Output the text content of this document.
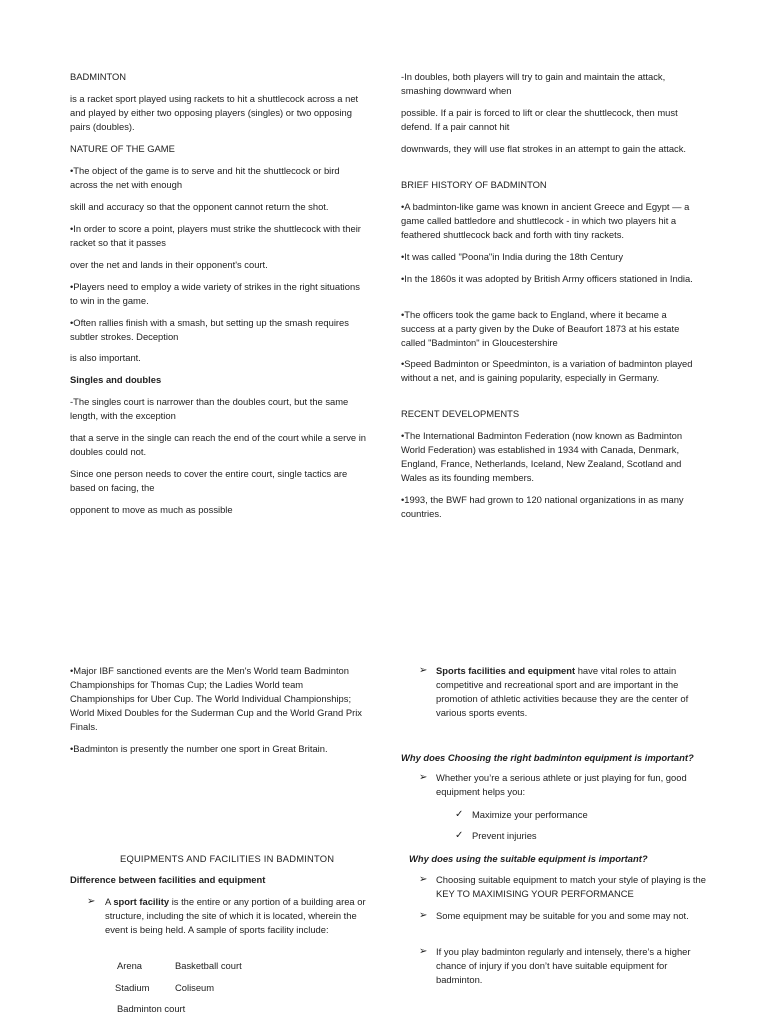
BADMINTON

is a racket sport played using rackets to hit a shuttlecock across a net and played by either two opposing players (singles) or two opposing pairs (doubles).

NATURE OF THE GAME

•The object of the game is to serve and hit the shuttlecock or bird across the net with enough

skill and accuracy so that the opponent cannot return the shot.

•In order to score a point, players must strike the shuttlecock with their racket so that it passes

over the net and lands in their opponent's court.

•Players need to employ a wide variety of strikes in the right situations to win in the game.

•Often rallies finish with a smash, but setting up the smash requires subtler strokes. Deception

is also important.

Singles and doubles

-The singles court is narrower than the doubles court, but the same length, with the exception

that a serve in the single can reach the end of the court while a serve in doubles could not.

Since one person needs to cover the entire court, single tactics are based on facing, the

opponent to move as much as possible

-In doubles, both players will try to gain and maintain the attack, smashing downward when

possible. If a pair is forced to lift or clear the shuttlecock, then must defend. If a pair cannot hit

downwards, they will use flat strokes in an attempt to gain the attack.

BRIEF HISTORY OF BADMINTON

•A badminton-like game was known in ancient Greece and Egypt — a game called battledore and shuttlecock - in which two players hit a feathered shuttlecock back and forth with tiny rackets.

•It was called "Poona"in India during the 18th Century

•In the 1860s it was adopted by British Army officers stationed in India.

•The officers took the game back to England, where it became a success at a party given by the Duke of Beaufort 1873 at his estate called "Badminton" in Gloucestershire

•Speed Badminton or Speedminton, is a variation of badminton played without a net, and is gaining popularity, especially in Germany.

RECENT DEVELOPMENTS

•The International Badminton Federation (now known as Badminton World Federation) was established in 1934 with Canada, Denmark, England, France, Netherlands, Iceland, New Zealand, Scotland and Wales as its founding members.

•1993, the BWF had grown to 120 national organizations in as many countries.

•Major IBF sanctioned events are the Men's World team Badminton Championships for Thomas Cup; the Ladies World team Championships for Uber Cup. The World Individual Championships; World Mixed Doubles for the Suderman Cup and the World Grand Prix Finals.

•Badminton is presently the number one sport in Great Britain.

EQUIPMENTS AND FACILITIES IN BADMINTON

Difference between facilities and equipment

➢ A sport facility is the entire or any portion of a building area or structure, including the site of which it is located, wherein the event is being held. A sample of sports facility include:

Arena	Basketball court

Stadium	Coliseum

Badminton court

➢ Sports facilities and equipment have vital roles to attain competitive and recreational sport and are important in the promotion of athletic activities because they are the center of various sports events.

Why does Choosing the right badminton equipment is important?

➢ Whether you’re a serious athlete or just playing for fun, good equipment helps you:

✓ Maximize your performance

✓ Prevent injuries

Why does using the suitable equipment is important?

➢ Choosing suitable equipment to match your style of playing is the KEY TO MAXIMISING YOUR PERFORMANCE

➢ Some equipment may be suitable for you and some may not.

➢ If you play badminton regularly and intensely, there’s a higher chance of injury if you don’t have suitable equipment for badminton.
